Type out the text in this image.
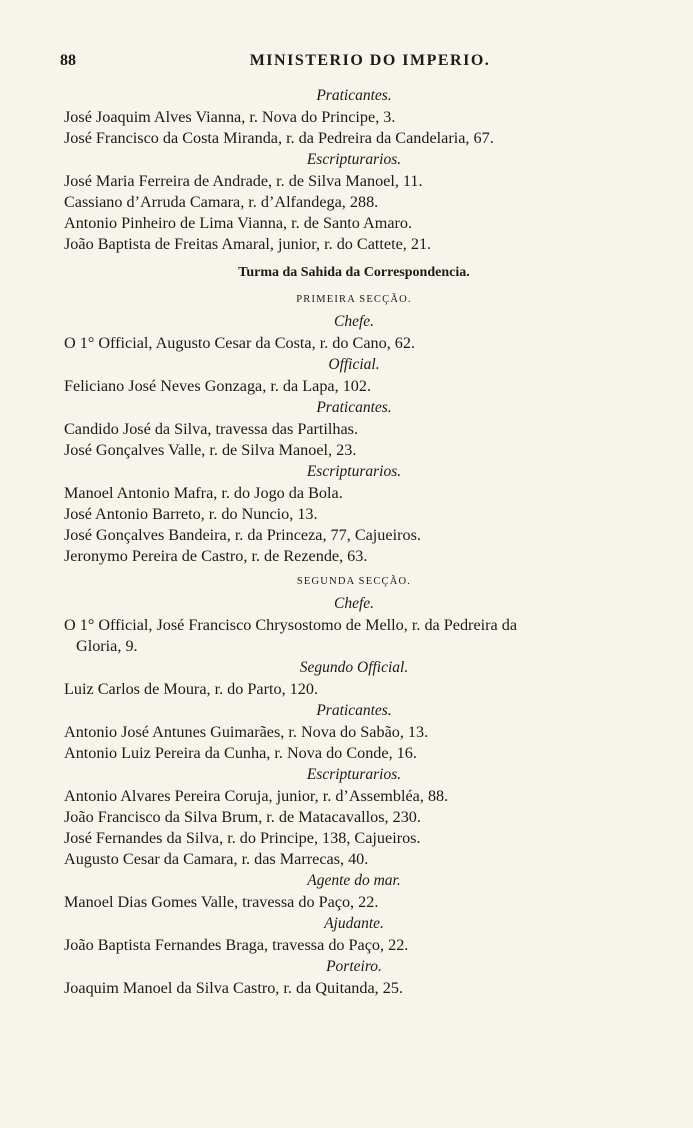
88	MINISTERIO DO IMPERIO.
Praticantes.
José Joaquim Alves Vianna, r. Nova do Principe, 3.
José Francisco da Costa Miranda, r. da Pedreira da Candelaria, 67.
Escripturarios.
José Maria Ferreira de Andrade, r. de Silva Manoel, 11.
Cassiano d’Arruda Camara, r. d’Alfandega, 288.
Antonio Pinheiro de Lima Vianna, r. de Santo Amaro.
João Baptista de Freitas Amaral, junior, r. do Cattete, 21.
Turma da Sahida da Correspondencia.
PRIMEIRA SECÇÃO.
Chefe.
O 1° Official, Augusto Cesar da Costa, r. do Cano, 62.
Official.
Feliciano José Neves Gonzaga, r. da Lapa, 102.
Praticantes.
Candido José da Silva, travessa das Partilhas.
José Gonçalves Valle, r. de Silva Manoel, 23.
Escripturarios.
Manoel Antonio Mafra, r. do Jogo da Bola.
José Antonio Barreto, r. do Nuncio, 13.
José Gonçalves Bandeira, r. da Princeza, 77, Cajueiros.
Jeronymo Pereira de Castro, r. de Rezende, 63.
SEGUNDA SECÇÃO.
Chefe.
O 1° Official, José Francisco Chrysostomo de Mello, r. da Pedreira da
Gloria, 9.
Segundo Official.
Luiz Carlos de Moura, r. do Parto, 120.
Praticantes.
Antonio José Antunes Guimarães, r. Nova do Sabão, 13.
Antonio Luiz Pereira da Cunha, r. Nova do Conde, 16.
Escripturarios.
Antonio Alvares Pereira Coruja, junior, r. d’Assembléa, 88.
João Francisco da Silva Brum, r. de Matacavallos, 230.
José Fernandes da Silva, r. do Principe, 138, Cajueiros.
Augusto Cesar da Camara, r. das Marrecas, 40.
Agente do mar.
Manoel Dias Gomes Valle, travessa do Paço, 22.
Ajudante.
João Baptista Fernandes Braga, travessa do Paço, 22.
Porteiro.
Joaquim Manoel da Silva Castro, r. da Quitanda, 25.
